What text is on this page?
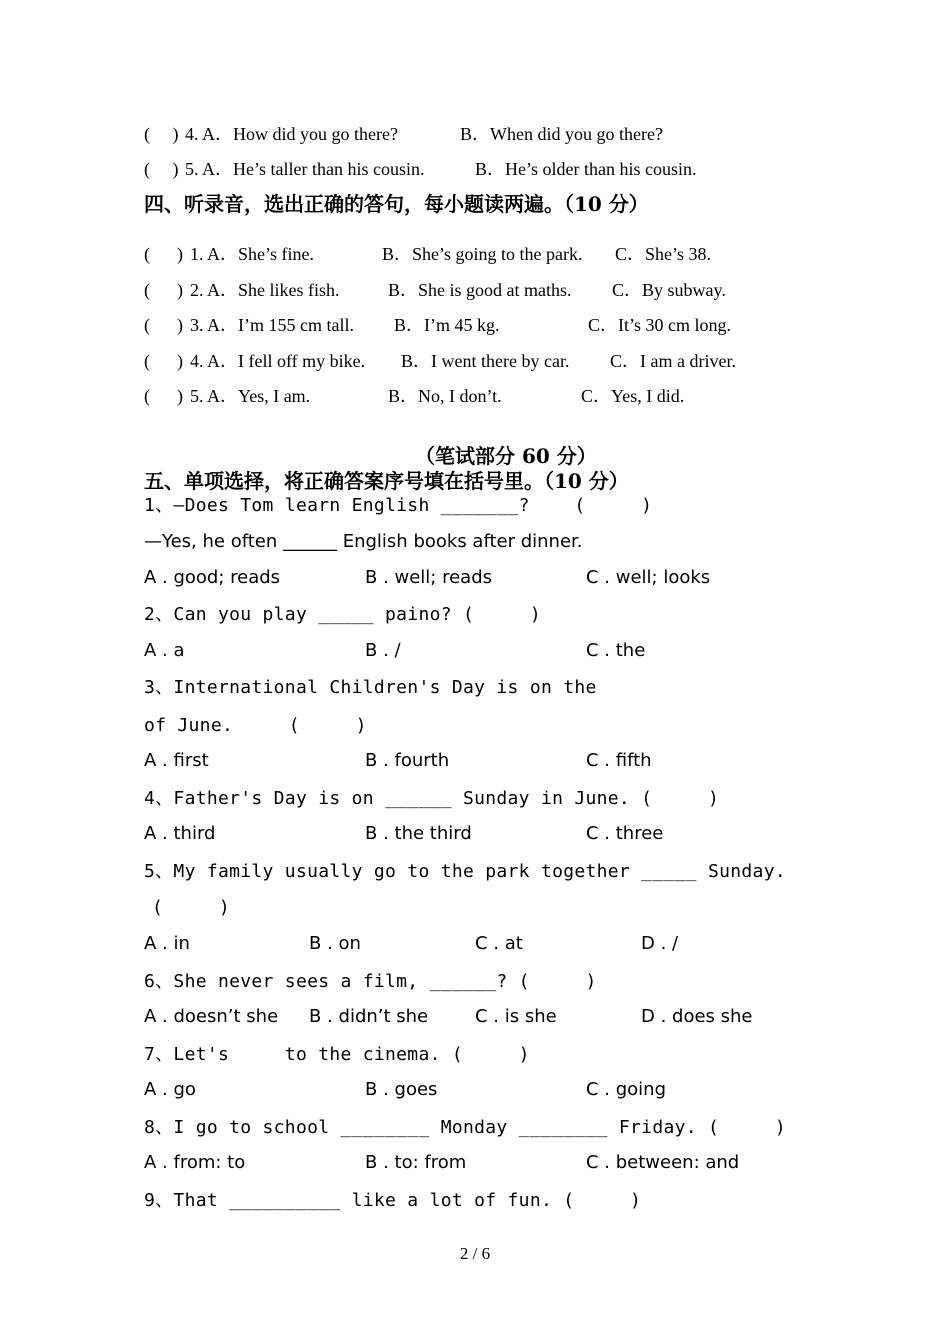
(     ) 4. A．How did you go there?	B．When did you go there?
(     ) 5. A．He’s taller than his cousin.	B．He’s older than his cousin.
四、听录音，选出正确的答句，每小题读两遍。（10 分）
(      ) 1. A．She’s fine.	B．She’s going to the park. C．She’s 38.
(      ) 2. A．She likes fish.	B．She is good at maths. C．By subway.
(      ) 3. A．I’m 155 cm tall. B．I’m 45 kg.	C．It’s 30 cm long.
(      ) 4. A．I fell off my bike. B．I went there by car. C．I am a driver.
(      ) 5. A．Yes, I am.	B．No, I don’t.	C．Yes, I did.
（笔试部分 60 分）
五、单项选择，将正确答案序号填在括号里。（10 分）
1、—Does Tom learn English _______?    (     )
—Yes, he often ______ English books after dinner.
A . good; reads	B . well; reads	C . well; looks
2、Can you play _____ paino? (     )
A . a	B . /	C . the
3、International Children's Day is on the
of June.     (     )
A . first	B . fourth	C . fifth
4、Father's Day is on ______ Sunday in June. (     )
A . third	B . the third	C . three
5、My family usually go to the park together _____ Sunday.
(     )
A . in	B . on	C . at	D . /
6、She never sees a film, ______? (     )
A . doesn’t she B . didn’t she	C . is she	D . does she
7、Let's     to the cinema. (     )
A . go	B . goes	C . going
8、I go to school ________ Monday ________ Friday. (     )
A . from: to	B . to: from	C . between: and
9、That __________ like a lot of fun. (     )
2 / 6
